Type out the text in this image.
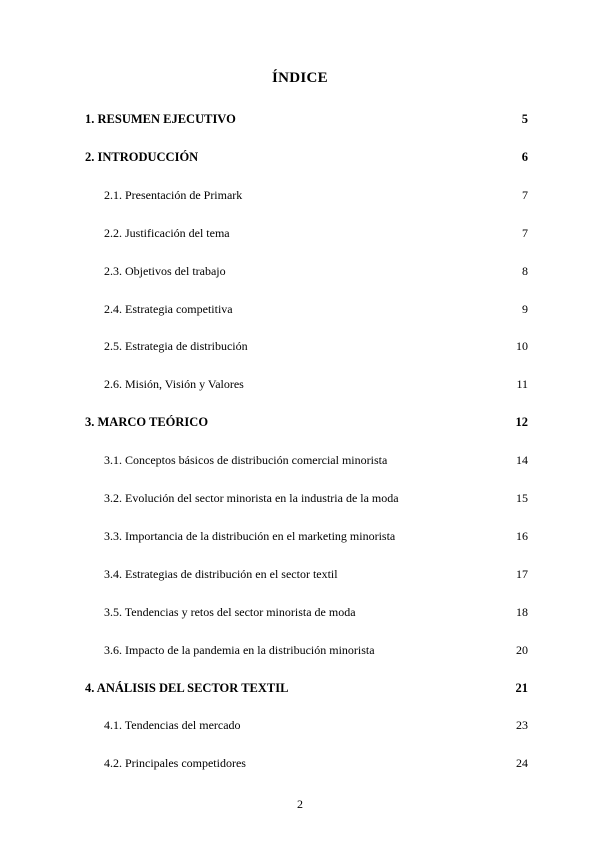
ÍNDICE
1. RESUMEN EJECUTIVO	5
2. INTRODUCCIÓN	6
2.1. Presentación de Primark	7
2.2. Justificación del tema	7
2.3. Objetivos del trabajo	8
2.4. Estrategia competitiva	9
2.5. Estrategia de distribución	10
2.6. Misión, Visión y Valores	11
3. MARCO TEÓRICO	12
3.1. Conceptos básicos de distribución comercial minorista	14
3.2. Evolución del sector minorista en la industria de la moda	15
3.3. Importancia de la distribución en el marketing minorista	16
3.4. Estrategias de distribución en el sector textil	17
3.5. Tendencias y retos del sector minorista de moda	18
3.6. Impacto de la pandemia en la distribución minorista	20
4. ANÁLISIS DEL SECTOR TEXTIL	21
4.1. Tendencias del mercado	23
4.2. Principales competidores	24
2
